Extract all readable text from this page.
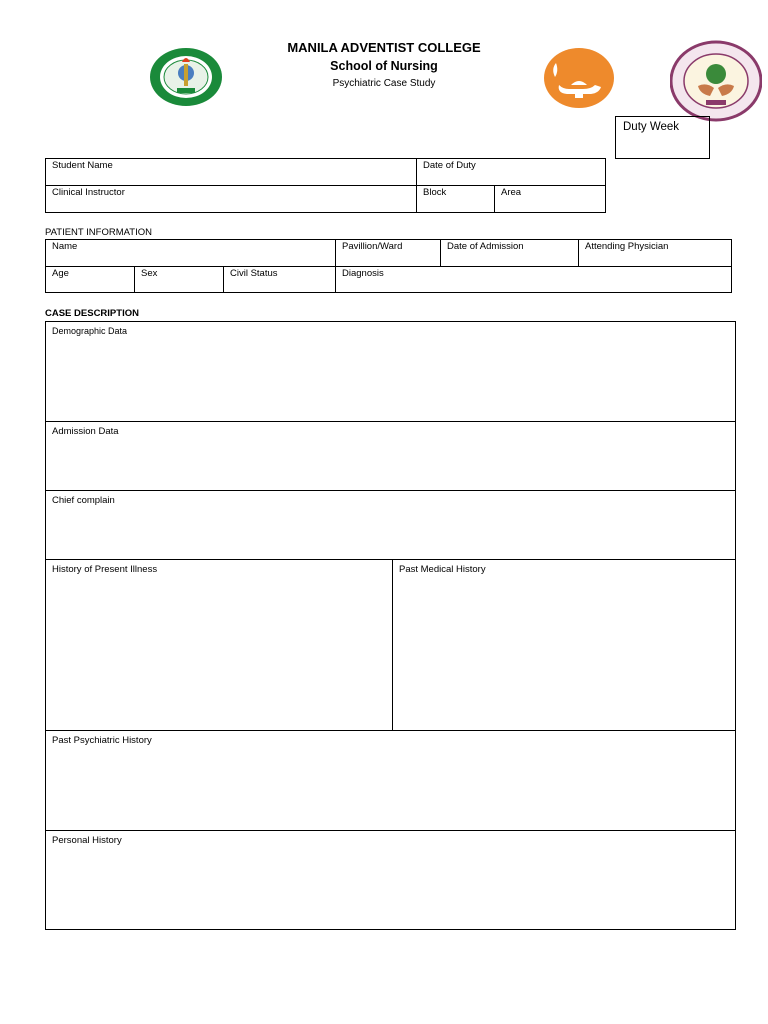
MANILA ADVENTIST COLLEGE
School of Nursing
Psychiatric Case Study
Duty Week
Student Name	Date of Duty	
Clinical Instructor	Block	Area
PATIENT INFORMATION
Name			Pavillion/Ward	Date of Admission	Attending Physician
Age	Sex	Civil Status	Diagnosis		
CASE DESCRIPTION
Demographic Data
Admission Data
Chief complain
History of Present Illness	Past Medical History
Past Psychiatric History
Personal History
